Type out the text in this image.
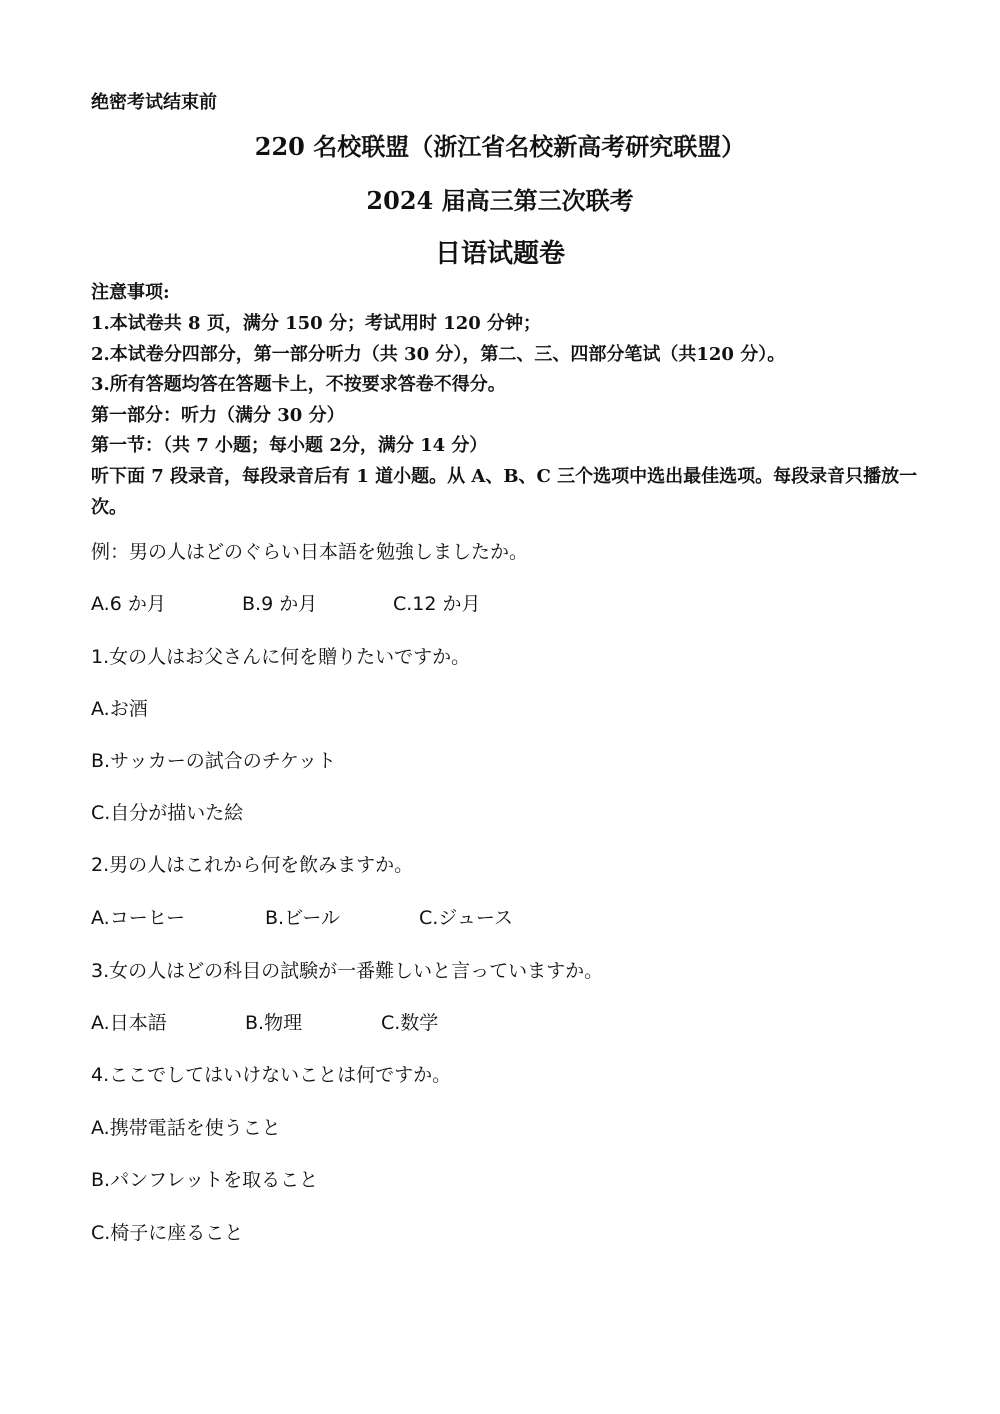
绝密考试结束前
220 名校联盟（浙江省名校新高考研究联盟）
2024 届高三第三次联考
日语试题卷
注意事项:
1.本试卷共 8 页，满分 150 分；考试用时 120 分钟；
2.本试卷分四部分，第一部分听力（共 30 分），第二、三、四部分笔试（共120 分）。
3.所有答题均答在答题卡上，不按要求答卷不得分。
第一部分：听力（满分 30 分）
第一节：（共 7 小题；每小题 2分，满分 14 分）
听下面 7 段录音，每段录音后有 1 道小题。从 A、B、C 三个选项中选出最佳选项。每段录音只播放一次。
例：男の人はどのぐらい日本語を勉強しましたか。
A.6 か月	B.9 か月	C.12 か月
1.女の人はお父さんに何を贈りたいですか。
A.お酒
B.サッカーの試合のチケット
C.自分が描いた絵
2.男の人はこれから何を飲みますか。
A.コーヒー	B.ビール	C.ジュース
3.女の人はどの科目の試験が一番難しいと言っていますか。
A.日本語	B.物理	C.数学
4.ここでしてはいけないことは何ですか。
A.携帯電話を使うこと
B.パンフレットを取ること
C.椅子に座ること
